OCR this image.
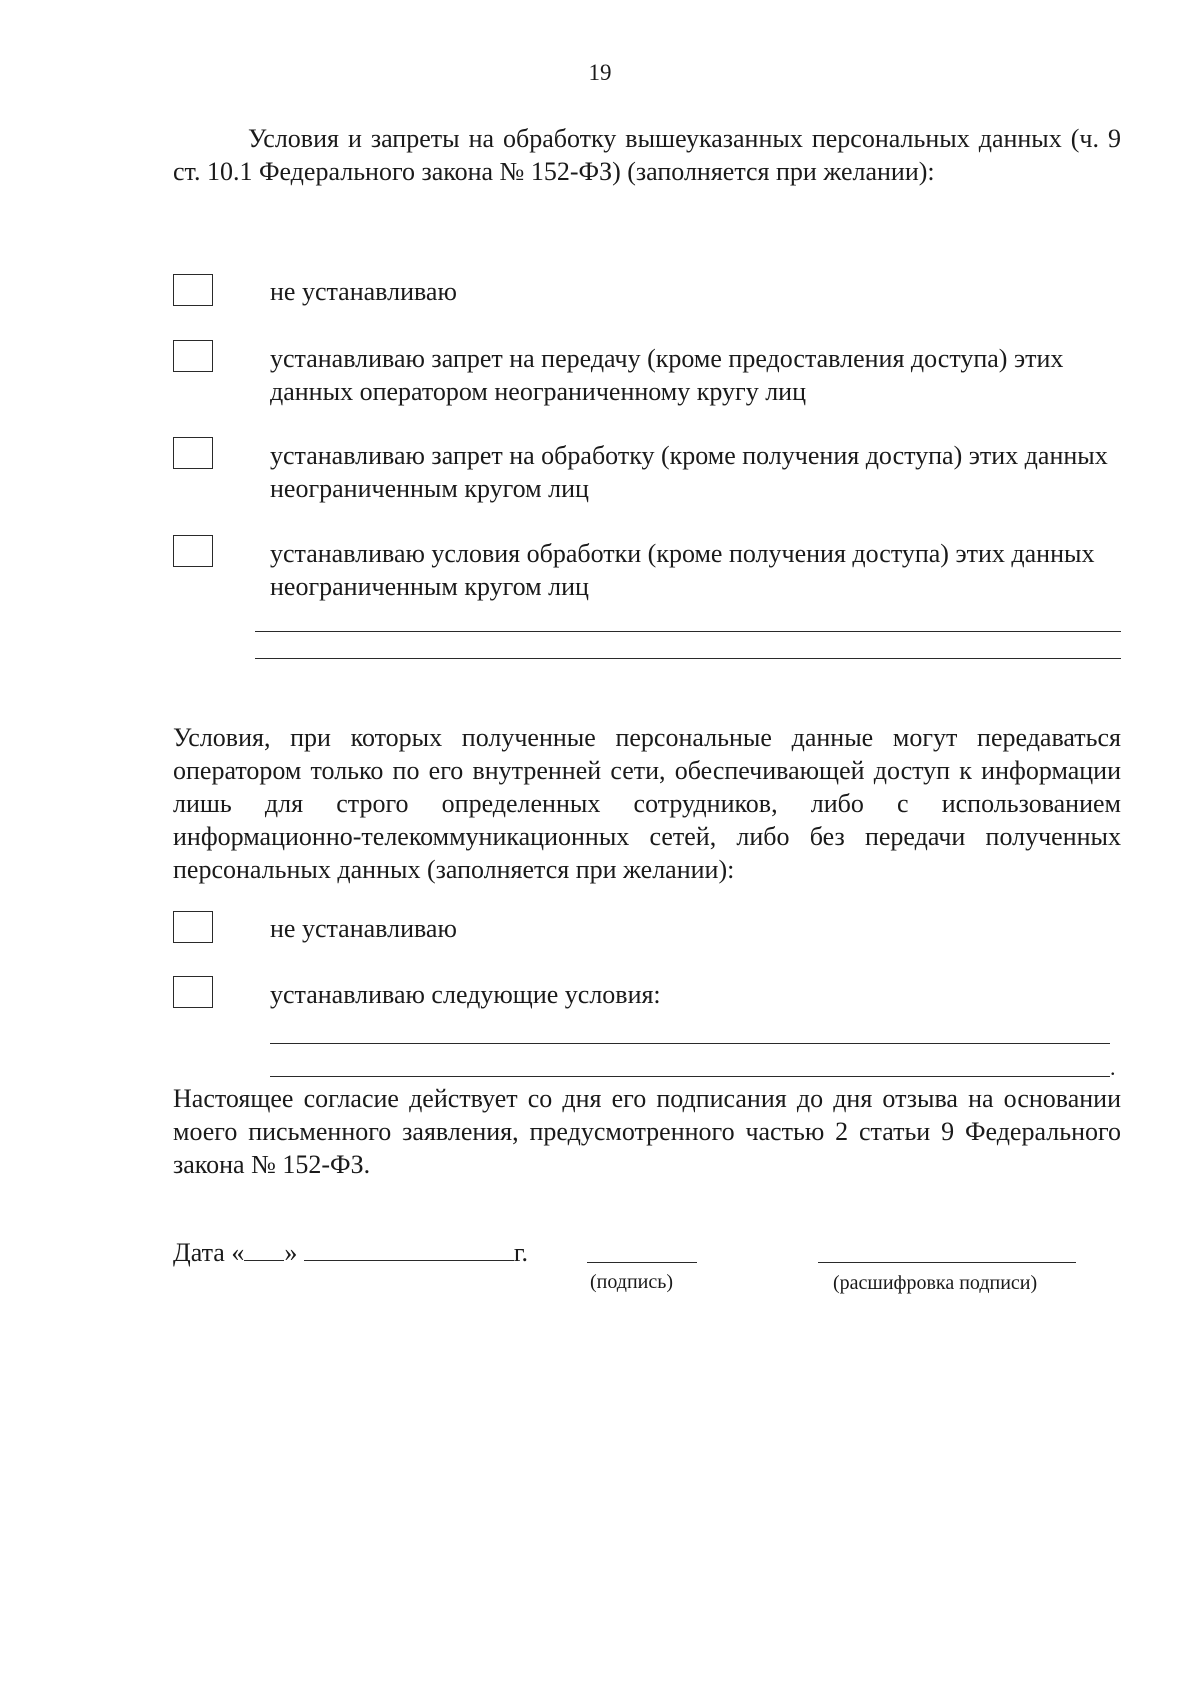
19
Условия и запреты на обработку вышеуказанных персональных данных (ч. 9 ст. 10.1 Федерального закона № 152-ФЗ) (заполняется при желании):
не устанавливаю
устанавливаю запрет на передачу (кроме предоставления доступа) этих данных оператором неограниченному кругу лиц
устанавливаю запрет на обработку (кроме получения доступа) этих данных неограниченным кругом лиц
устанавливаю условия обработки (кроме получения доступа) этих данных неограниченным кругом лиц
Условия, при которых полученные персональные данные могут передаваться оператором только по его внутренней сети, обеспечивающей доступ к информации лишь для строго определенных сотрудников, либо с использованием информационно-телекоммуникационных сетей, либо без передачи полученных персональных данных (заполняется при желании):
не устанавливаю
устанавливаю следующие условия:
.
Настоящее согласие действует со дня его подписания до дня отзыва на основании моего письменного заявления, предусмотренного частью 2 статьи 9 Федерального закона № 152-ФЗ.
Дата « »	г.
(подпись)	(расшифровка подписи)
